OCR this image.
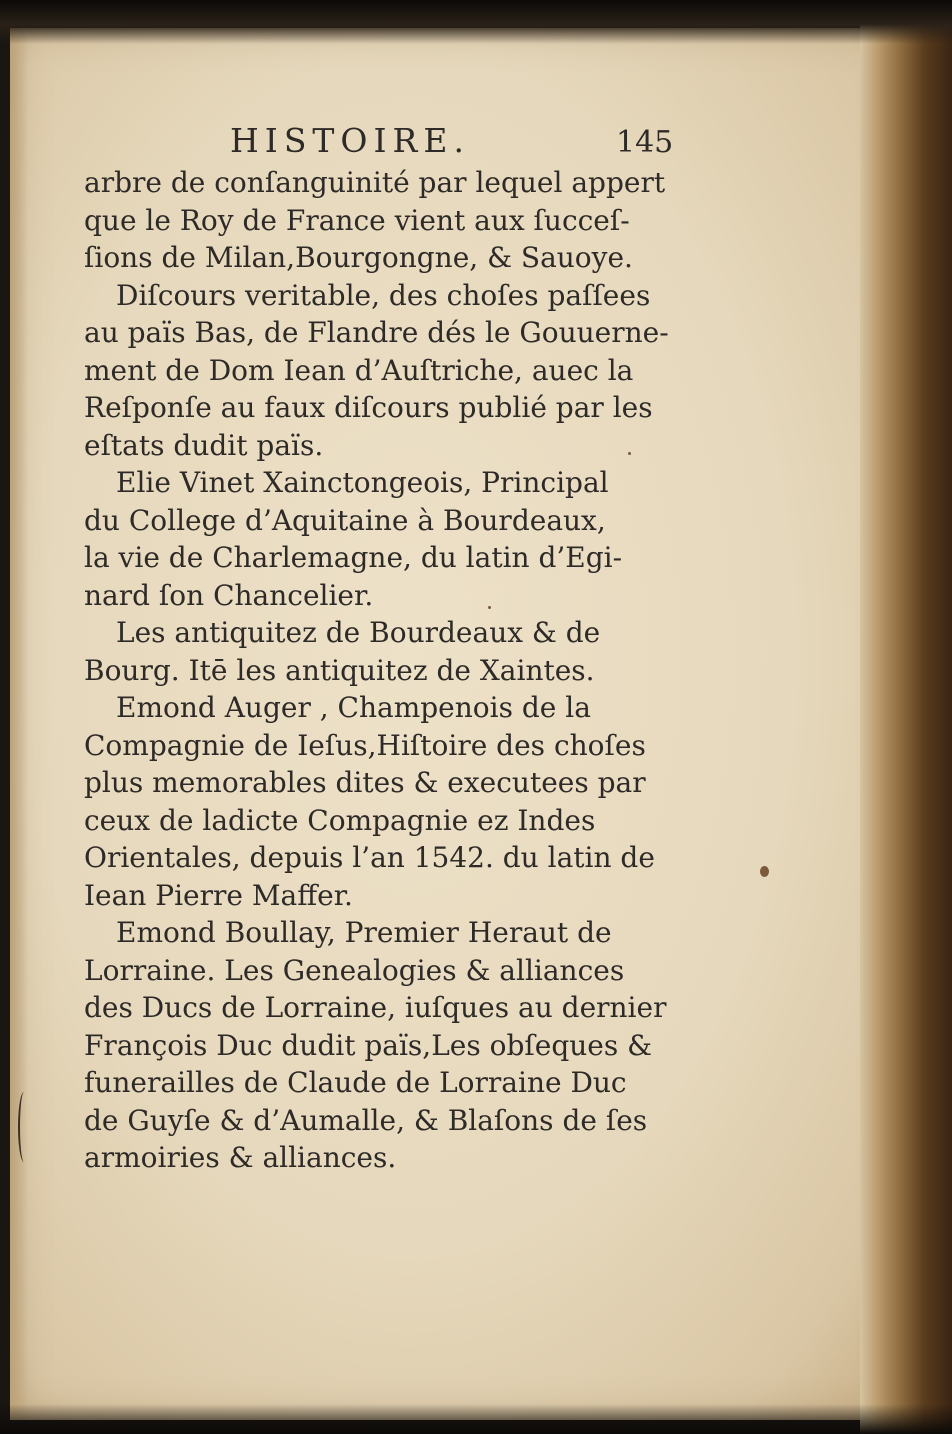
HISTOIRE.	145
arbre de conſanguinité par lequel appert
que le Roy de France vient aux ſucceſ-
ſions de Milan,Bourgongne, & Sauoye.
Diſcours veritable, des choſes paſſees
au païs Bas, de Flandre dés le Gouuerne-
ment de Dom Iean d’Auſtriche, auec la
Reſponſe au faux diſcours publié par les
eſtats dudit païs.
Elie Vinet Xainctongeois, Principal
du College d’Aquitaine à Bourdeaux,
la vie de Charlemagne, du latin d’Egi-
nard ſon Chancelier.
Les antiquitez de Bourdeaux & de
Bourg. Itē les antiquitez de Xaintes.
Emond Auger , Champenois de la
Compagnie de Ieſus,Hiſtoire des choſes
plus memorables dites & executees par
ceux de ladicte Compagnie ez Indes
Orientales, depuis l’an 1542. du latin de
Iean Pierre Maffer.
Emond Boullay, Premier Heraut de
Lorraine. Les Genealogies & alliances
des Ducs de Lorraine, iuſques au dernier
François Duc dudit païs,Les obſeques &
funerailles de Claude de Lorraine Duc
de Guyſe & d’Aumalle, & Blaſons de ſes
armoiries & alliances.
